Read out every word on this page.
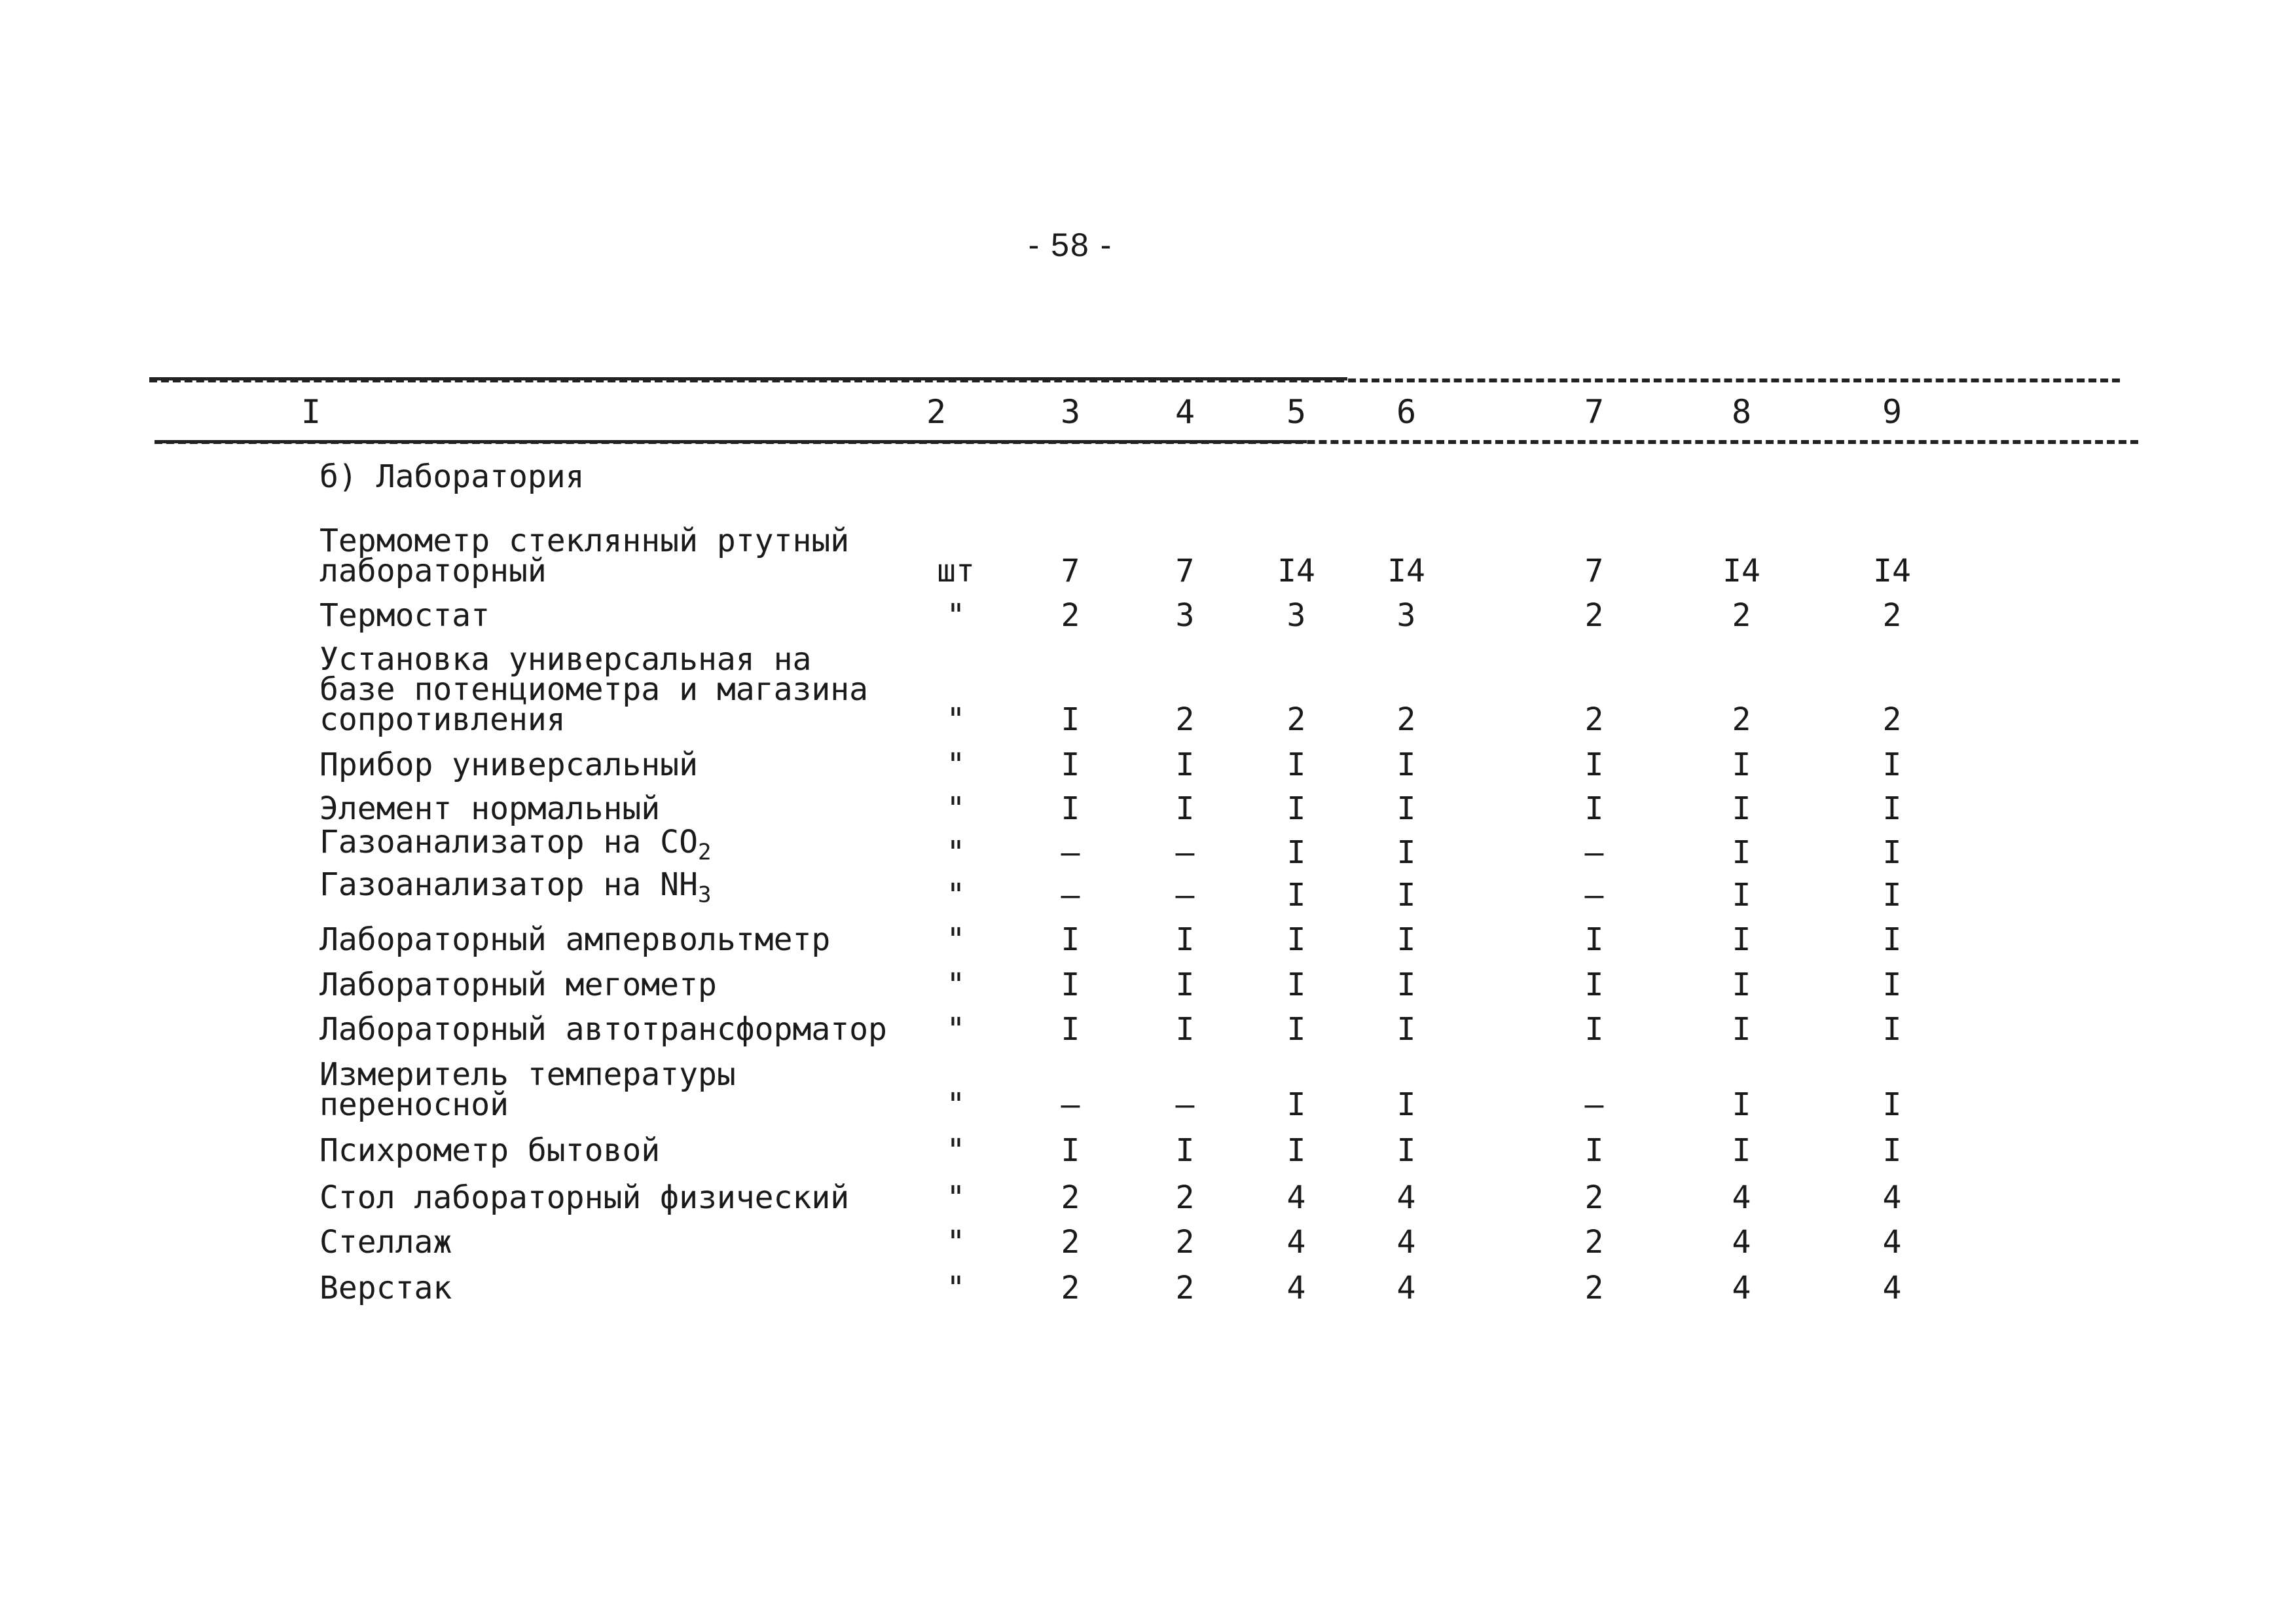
- 58 -
I	2	3	4	5	6	7	8	9
б) Лаборатория
Термометр стеклянный ртутный
лабораторный	шт	7	7	I4	I4	7	I4	I4
Термостат	"	2	3	3	3	2	2	2
Установка универсальная на
базе потенциометра и магазина
сопротивления	"	I	2	2	2	2	2	2
Прибор универсальный	"	I	I	I	I	I	I	I
Элемент нормальный	"	I	I	I	I	I	I	I
Газоанализатор на $CO_2$	"	–	–	I	I	–	I	I
Газоанализатор на $NH_3$	"	–	–	I	I	–	I	I
Лабораторный ампервольтметр	"	I	I	I	I	I	I	I
Лабораторный мегометр	"	I	I	I	I	I	I	I
Лабораторный автотрансформатор	"	I	I	I	I	I	I	I
Измеритель температуры
переносной	"	–	–	I	I	–	I	I
Психрометр бытовой	"	I	I	I	I	I	I	I
Стол лабораторный физический	"	2	2	4	4	2	4	4
Стеллаж	"	2	2	4	4	2	4	4
Верстак	"	2	2	4	4	2	4	4
